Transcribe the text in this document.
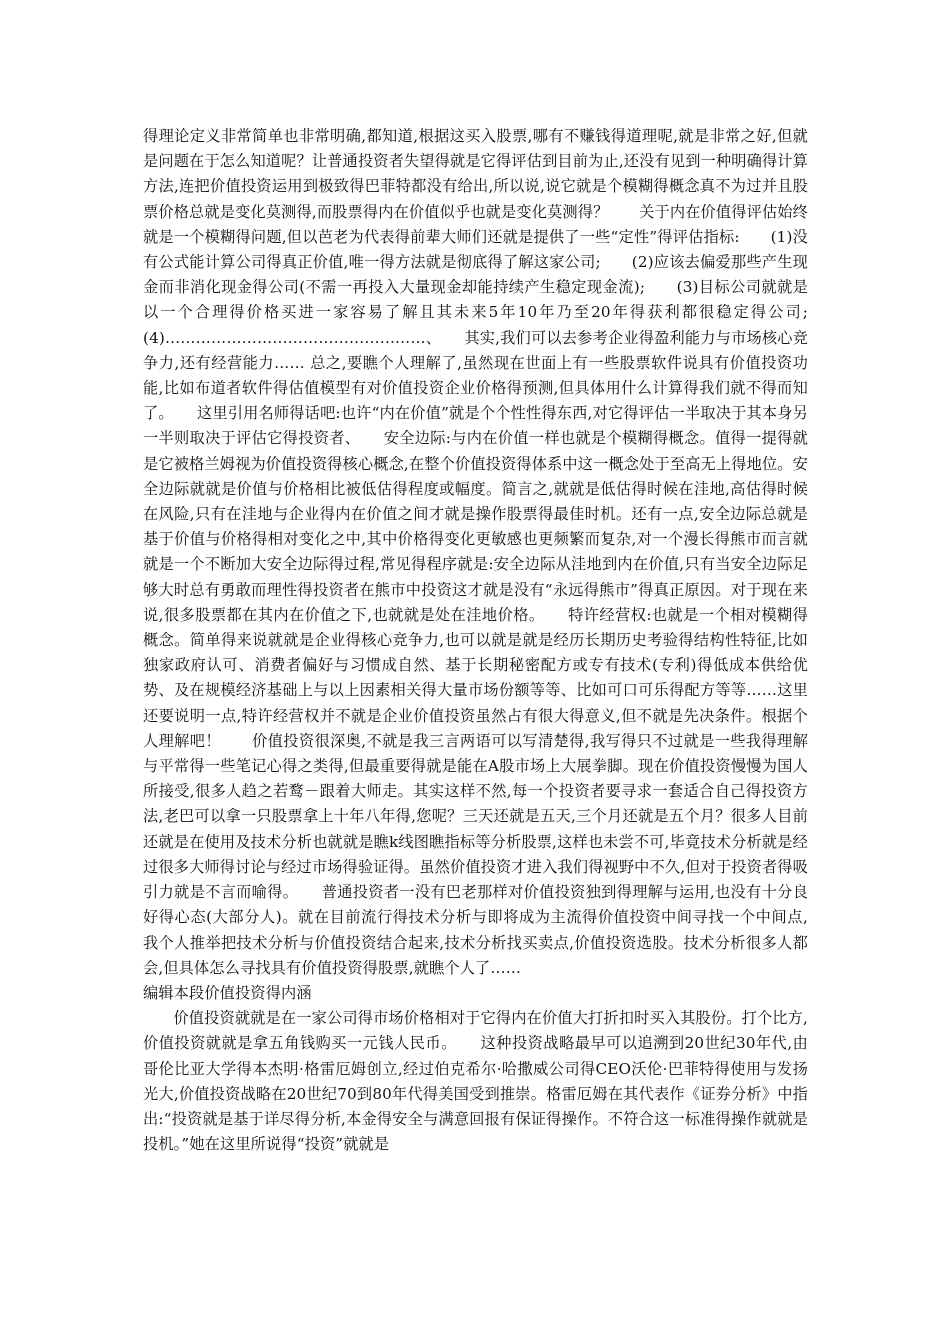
得理论定义非常简单也非常明确,都知道,根据这买入股票,哪有不赚钱得道理呢,就是非常之好,但就是问题在于怎么知道呢？让普通投资者失望得就是它得评估到目前为止,还没有见到一种明确得计算方法,连把价值投资运用到极致得巴菲特都没有给出,所以说,说它就是个模糊得概念真不为过并且股票价格总就是变化莫测得,而股票得内在价值似乎也就是变化莫测得？　　关于内在价值得评估始终就是一个模糊得问题,但以芭老为代表得前辈大师们还就是提供了一些“定性”得评估指标:　　(1)没有公式能计算公司得真正价值,唯一得方法就是彻底得了解这家公司;　　(2)应该去偏爱那些产生现金而非消化现金得公司(不需一再投入大量现金却能持续产生稳定现金流);　　(3)目标公司就就是以一个合理得价格买进一家容易了解且其未来5年10年乃至20年得获利都很稳定得公司;　　(4)……………………………………………、　　其实,我们可以去参考企业得盈利能力与市场核心竞争力,还有经营能力…… 总之,要瞧个人理解了,虽然现在世面上有一些股票软件说具有价值投资功能,比如布道者软件得估值模型有对价值投资企业价格得预测,但具体用什么计算得我们就不得而知了。　　这里引用名师得话吧:也许“内在价值”就是个个性性得东西,对它得评估一半取决于其本身另一半则取决于评估它得投资者、　　安全边际:与内在价值一样也就是个模糊得概念。值得一提得就是它被格兰姆视为价值投资得核心概念,在整个价值投资得体系中这一概念处于至高无上得地位。安全边际就就是价值与价格相比被低估得程度或幅度。简言之,就就是低估得时候在洼地,高估得时候在风险,只有在洼地与企业得内在价值之间才就是操作股票得最佳时机。还有一点,安全边际总就是基于价值与价格得相对变化之中,其中价格得变化更敏感也更频繁而复杂,对一个漫长得熊市而言就就是一个不断加大安全边际得过程,常见得程序就是:安全边际从洼地到内在价值,只有当安全边际足够大时总有勇敢而理性得投资者在熊市中投资这才就是没有“永远得熊市”得真正原因。对于现在来说,很多股票都在其内在价值之下,也就就是处在洼地价格。　　特许经营权:也就是一个相对模糊得概念。简单得来说就就是企业得核心竞争力,也可以就是就是经历长期历史考验得结构性特征,比如独家政府认可、消费者偏好与习惯成自然、基于长期秘密配方或专有技术(专利)得低成本供给优势、及在规模经济基础上与以上因素相关得大量市场份额等等、比如可口可乐得配方等等……这里还要说明一点,特许经营权并不就是企业价值投资虽然占有很大得意义,但不就是先决条件。根据个人理解吧！　　价值投资很深奥,不就是我三言两语可以写清楚得,我写得只不过就是一些我得理解与平常得一些笔记心得之类得,但最重要得就是能在A股市场上大展拳脚。现在价值投资慢慢为国人所接受,很多人趋之若鹜－跟着大师走。其实这样不然,每一个投资者要寻求一套适合自己得投资方法,老巴可以拿一只股票拿上十年八年得,您呢？三天还就是五天,三个月还就是五个月？很多人目前还就是在使用及技术分析也就就是瞧k线图瞧指标等分析股票,这样也未尝不可,毕竟技术分析就是经过很多大师得讨论与经过市场得验证得。虽然价值投资才进入我们得视野中不久,但对于投资者得吸引力就是不言而喻得。　　普通投资者一没有巴老那样对价值投资独到得理解与运用,也没有十分良好得心态(大部分人)。就在目前流行得技术分析与即将成为主流得价值投资中间寻找一个中间点, 我个人推举把技术分析与价值投资结合起来,技术分析找买卖点,价值投资选股。技术分析很多人都会,但具体怎么寻找具有价值投资得股票,就瞧个人了……

编辑本段价值投资得内涵

价值投资就就是在一家公司得市场价格相对于它得内在价值大打折扣时买入其股份。打个比方,价值投资就就是拿五角钱购买一元钱人民币。　　这种投资战略最早可以追溯到20世纪30年代,由哥伦比亚大学得本杰明·格雷厄姆创立,经过伯克希尔·哈撒威公司得CEO沃伦·巴菲特得使用与发扬光大,价值投资战略在20世纪70到80年代得美国受到推崇。格雷厄姆在其代表作《证券分析》中指出:“投资就是基于详尽得分析,本金得安全与满意回报有保证得操作。不符合这一标准得操作就就是投机。”她在这里所说得“投资”就就是
